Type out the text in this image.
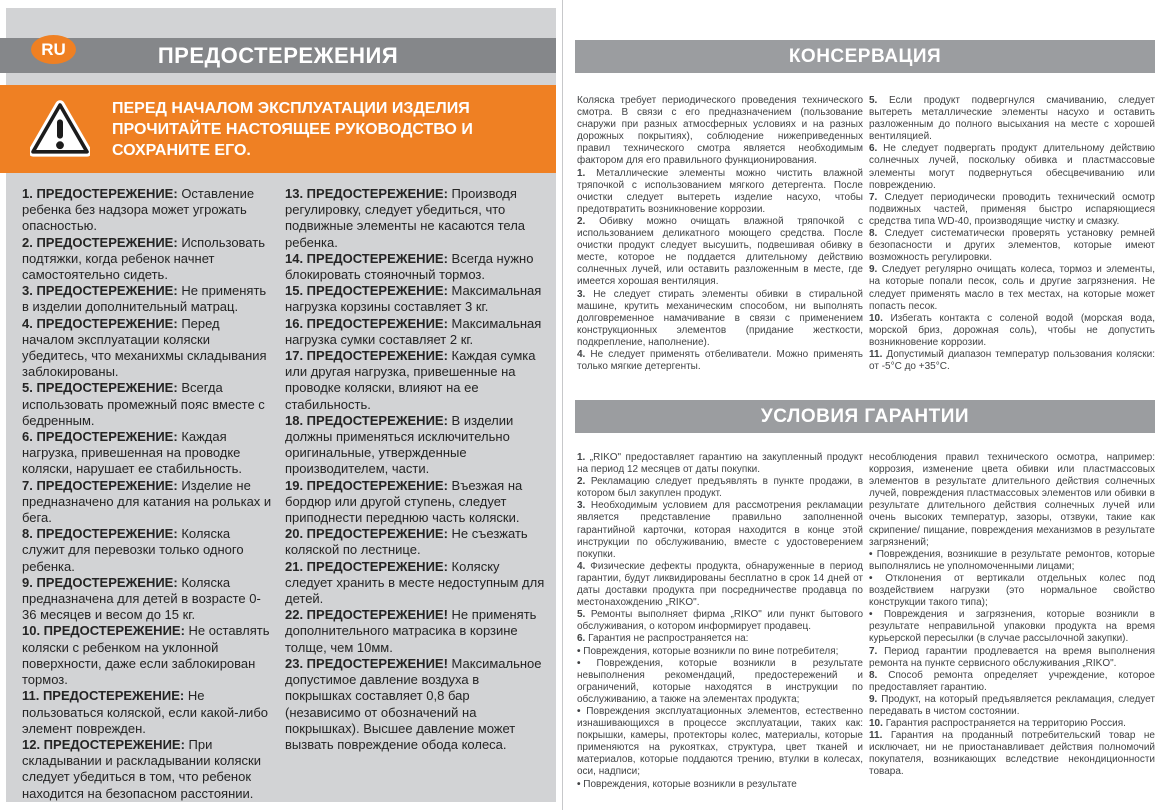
RU	ПРЕДОСТЕРЕЖЕНИЯ
ПЕРЕД НАЧАЛОМ ЭКСПЛУАТАЦИИ ИЗДЕЛИЯ ПРОЧИТАЙТЕ НАСТОЯЩЕЕ РУКОВОДСТВО И СОХРАНИТЕ ЕГО.

1. ПРЕДОСТЕРЕЖЕНИЕ: Оставление ребенка без надзора может угрожать опасностью.

2. ПРЕДОСТЕРЕЖЕНИЕ: Использовать подтяжки, когда ребенок начнет самостоятельно сидеть.

3. ПРЕДОСТЕРЕЖЕНИЕ: Не применять в изделии дополнительный матрац.

4. ПРЕДОСТЕРЕЖЕНИЕ: Перед началом эксплуатации коляски убедитесь, что механихмы складывания заблокированы.

5. ПРЕДОСТЕРЕЖЕНИЕ: Всегда использовать промежный пояс вместе с бедренным.

6. ПРЕДОСТЕРЕЖЕНИЕ: Каждая нагрузка, привешенная на проводке коляски, нарушает ее стабильность.

7. ПРЕДОСТЕРЕЖЕНИЕ: Изделие не предназначено для катания на рольках и бега.

8. ПРЕДОСТЕРЕЖЕНИЕ: Коляска служит для перевозки только одного ребенка.

9. ПРЕДОСТЕРЕЖЕНИЕ: Коляска предназначена для детей в возрасте 0-36 месяцев и весом до 15 кг.

10. ПРЕДОСТЕРЕЖЕНИЕ: Не оставлять коляски с ребенком на уклонной поверхности, даже если заблокирован тормоз.

11. ПРЕДОСТЕРЕЖЕНИЕ: Не пользоваться коляской, если какой-либо элемент поврежден.

12. ПРЕДОСТЕРЕЖЕНИЕ: При складывании и раскладывании коляски следует убедиться в том, что ребенок находится на безопасном расстоянии.

13. ПРЕДОСТЕРЕЖЕНИЕ: Производя регулировку, следует убедиться, что подвижные элементы не касаются тела ребенка.

14. ПРЕДОСТЕРЕЖЕНИЕ: Всегда нужно блокировать стояночный тормоз.

15. ПРЕДОСТЕРЕЖЕНИЕ: Максимальная нагрузка корзины составляет 3 кг.

16. ПРЕДОСТЕРЕЖЕНИЕ: Максимальная нагрузка сумки составляет 2 кг.

17. ПРЕДОСТЕРЕЖЕНИЕ: Каждая сумка или другая нагрузка, привешенные на проводке коляски, влияют на ее стабильность.

18. ПРЕДОСТЕРЕЖЕНИЕ: В изделии должны применяться исключительно оригинальные, утвержденные производителем, части.

19. ПРЕДОСТЕРЕЖЕНИЕ: Въезжая на бордюр или другой ступень, следует приподнести переднюю часть коляски.

20. ПРЕДОСТЕРЕЖЕНИЕ: Не съезжать коляской по лестнице.

21. ПРЕДОСТЕРЕЖЕНИЕ: Коляску следует хранить в месте недоступным для детей.

22. ПРЕДОСТЕРЕЖЕНИЕ! Не применять дополнительного матрасика в корзине толще, чем 10мм.

23. ПРЕДОСТЕРЕЖЕНИЕ! Максимальное допустимое давление воздуха в покрышках составляет 0,8 бар (независимо от обозначений на покрышках). Высшее давление может вызвать повреждение обода колеса.

КОНСЕРВАЦИЯ

Коляска требует периодического проведения технического смотра. В связи с его предназначением (пользование снаружи при разных атмосферных условиях и на разных дорожных покрытиях), соблюдение нижеприведенных правил технического смотра является необходимым фактором для его правильного функционирования.

1. Металлические элементы можно чистить влажной тряпочкой с использованием мягкого детергента. После очистки следует вытереть изделие насухо, чтобы предотвратить возникновение коррозии.

2. Обивку можно очищать влажной тряпочкой с использованием деликатного моющего средства. После очистки продукт следует высушить, подвешивая обивку в месте, которое не поддается длительному действию солнечных лучей, или оставить разложенным в месте, где имеется хорошая вентиляция.

3. Не следует стирать элементы обивки в стиральной машине, крутить механическим способом, ни выполнять долговременное намачивание в связи с применением конструкционных элементов (придание жесткости, подкрепление, наполнение).

4. Не следует применять отбеливатели. Можно применять только мягкие детергенты.

5. Если продукт подвергнулся смачиванию, следует вытереть металлические элементы насухо и оставить разложенным до полного высыхания на месте с хорошей вентиляцией.

6. Не следует подвергать продукт длительному действию солнечных лучей, поскольку обивка и пластмассовые элементы могут подвернуться обесцвечиванию или повреждению.

7. Следует периодически проводить технический осмотр подвижных частей, применяя быстро испаряющиеся средства типа WD-40, производящие чистку и смазку.

8. Следует систематически проверять установку ремней безопасности и других элементов, которые имеют возможность регулировки.

9. Следует регулярно очищать колеса, тормоз и элементы, на которые попали песок, соль и другие загрязнения. Не следует применять масло в тех местах, на которые может попасть песок.

10. Избегать контакта с соленой водой (морская вода, морской бриз, дорожная соль), чтобы не допустить возникновение коррозии.

11. Допустимый диапазон температур пользования коляски: от -5°C до +35°C.

УСЛОВИЯ ГАРАНТИИ

1. „RIKO" предоставляет гарантию на закупленный продукт на период 12 месяцев от даты покупки.

2. Рекламацию следует предъявлять в пункте продажи, в котором был закуплен продукт.

3. Необходимым условием для рассмотрения рекламации является представление правильно заполненной гарантийной карточки, которая находится в конце этой инструкции по обслуживанию, вместе с удостоверением покупки.

4. Физические дефекты продукта, обнаруженные в период гарантии, будут ликвидированы бесплатно в срок 14 дней от даты доставки продукта при посредничестве продавца по местонахождению „RIKO".

5. Ремонты выполняет фирма „RIKO" или пункт бытового обслуживания, о котором информирует продавец.

6. Гарантия не распространяется на:

• Повреждения, которые возникли по вине потребителя;

• Повреждения, которые возникли в результате невыполнения рекомендаций, предостережений и ограничений, которые находятся в инструкции по обслуживанию, а также на элементах продукта;

• Повреждения эксплуатационных элементов, естественно изнашивающихся в процессе эксплуатации, таких как: покрышки, камеры, протекторы колес, материалы, которые применяются на рукоятках, структура, цвет тканей и материалов, которые поддаются трению, втулки в колесах, оси, надписи;

• Повреждения, которые возникли в результате

несоблюдения правил технического осмотра, например: коррозия, изменение цвета обивки или пластмассовых элементов в результате длительного действия солнечных лучей, повреждения пластмассовых элементов или обивки в результате длительного действия солнечных лучей или очень высоких температур, зазоры, отзвуки, такие как скрипение/ пищание, повреждения механизмов в результате загрязнений;

• Повреждения, возникшие в результате ремонтов, которые выполнялись не уполномоченными лицами;

• Отклонения от вертикали отдельных колес под воздействием нагрузки (это нормальное свойство конструкции такого типа);

• Повреждения и загрязнения, которые возникли в результате неправильной упаковки продукта на время курьерской пересылки (в случае рассылочной закупки).

7. Период гарантии продлевается на время выполнения ремонта на пункте сервисного обслуживания „RIKO".

8. Способ ремонта определяет учреждение, которое предоставляет гарантию.

9. Продукт, на который предъявляется рекламация, следует передавать в чистом состоянии.

10. Гарантия распространяется на территорию Россия.

11. Гарантия на проданный потребительский товар не исключает, ни не приостанавливает действия полномочий покупателя, возникающих вследствие некондиционности товара.
